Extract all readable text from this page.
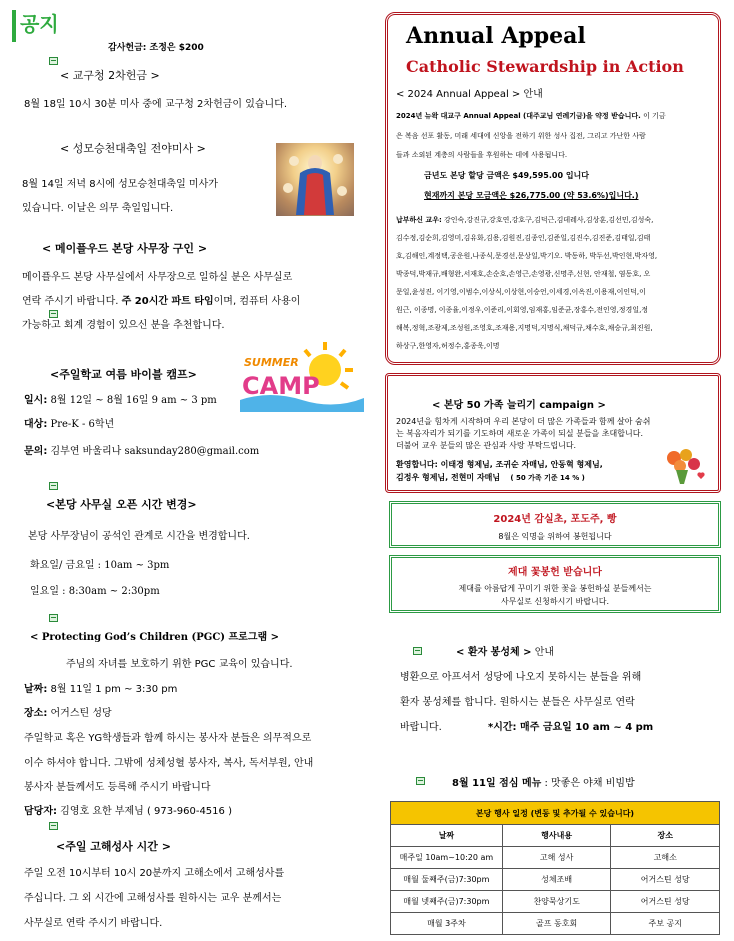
공지
감사헌금: 조정은 $200
< 교구청 2차헌금 >
8월 18일 10시 30분 미사 중에 교구청 2차헌금이 있습니다.
< 성모승천대축일 전야미사 >
8월 14일 저녁 8시에 성모승천대축일 미사가
있습니다. 이날은 의무 축일입니다.
< 메이플우드 본당 사무장 구인 >
메이플우드 본당 사무실에서 사무장으로 일하실 분은 사무실로
연락 주시기 바랍니다. 주 20시간 파트 타임이며, 컴퓨터 사용이
가능하고 회계 경험이 있으신 분을 추천합니다.
<주일학교 여름 바이블 캠프>
일시: 8월 12일 ~ 8월 16일 9 am ~ 3 pm
대상: Pre-K - 6학년
문의: 김부연 바울리나 saksunday280@gmail.com
SUMMER
CAMP
<본당 사무실 오픈 시간 변경>
본당 사무장님이 공석인 관계로 시간을 변경합니다.
화요일/ 금요일 : 10am ~ 3pm
일요일 : 8:30am ~ 2:30pm
< Protecting God’s Children (PGC) 프로그램 >
주님의 자녀를 보호하기 위한 PGC 교육이 있습니다.
날짜: 8월 11일 1 pm ~ 3:30 pm
장소: 어거스틴 성당
주일학교 혹은 YG학생들과 함께 하시는 봉사자 분들은 의무적으로
이수 하셔야 합니다. 그밖에 성체성혈 봉사자, 복사, 독서부원, 안내
봉사자 분들께서도 등록해 주시기 바랍니다
담당자: 김영호 요한 부제님 ( 973-960-4516 )
<주일 고해성사 시간 >
주일 오전 10시부터 10시 20분까지 고해소에서 고해성사를
주십니다. 그 외 시간에 고해성사를 원하시는 교우 분께서는
사무실로 연락 주시기 바랍니다.
Annual Appeal
Catholic Stewardship in Action
< 2024 Annual Appeal > 안내
2024년 뉴왁 대교구 Annual Appeal (대주교님 연례기금)을 약정 받습니다. 이 기금
은 복음 선포 활동, 미래 세대에 신앙을 전하기 위한 성사 집전, 그리고 가난한 사람
들과 소외된 계층의 사람들을 후원하는 데에 사용됩니다.
금년도 본당 할당 금액은 $49,595.00 입니다
현재까지 본당 모금액은 $26,775.00 (약 53.6%)입니다.)
납부하신 교우: 강인숙,강진규,강호연,강호구,김덕근,김데레사,김상훈,김선민,김성숙,
김수정,김순희,김영미,김유화,김용,김원진,김종인,김준일,김진수,김진준,김태일,김태
호,김해인,계정택,공운원,나종식,문경선,문상일,박기오. 박동하, 박두선,박인현,박자영,
박종덕,박재규,배형완,서재호,손순호,손영근,손영광,신명주,신현, 안재철, 염동호, 오
문일,윤성진, 이기영,이범수,이상식,이상현,이승언,이세경,이옥진,이용재,이인덕,이
원근, 이종명, 이종율,이정우,이준리,이회영,임재홍,임준균,장홍수,전인영,정경일,정
해복,정혁,조광제,조성원,조영호,조재용,지명덕,지명식,채덕규,채수호,채승규,최진원,
하상구,한영자,허정수,홍종욱,이명
< 본당 50 가족 늘리기 campaign >
2024년을 힘차게 시작하며 우리 본당이 더 많은 가족들과 함께 살아 숨쉬
는 복음자리가 되기를 기도하며 새로운 가족이 되실 분들을 초대합니다.
더불어 교우 분들의 많은 관심과 사랑 부탁드립니다.
환영합니다: 이태경 형제님, 조귀순 자매님, 안동혁 형제님,
김정우 형제님, 전현미 자매님 ( 50 가족 기준 14 % )
2024년 감실초, 포도주, 빵
8월은 익명을 위하여 봉헌됩니다
제대 꽃봉헌 받습니다
제대를 아름답게 꾸미기 위한 꽃을 봉헌하실 분들께서는
사무실로 신청하시기 바랍니다.
< 환자 봉성체 > 안내
병환으로 아프셔서 성당에 나오지 못하시는 분들을 위해
환자 봉성체를 합니다. 원하시는 분들은 사무실로 연락
바랍니다.	*시간: 매주 금요일 10 am ~ 4 pm
8월 11일 점심 메뉴 : 맛좋은 야채 비빔밥
본당 행사 일정 (변동 및 추가될 수 있습니다)		
날짜	행사내용	장소
매주일 10am~10:20 am	고해 성사	고해소
매월 둘째주(금)7:30pm	성체조배	어거스틴 성당
매월 넷째주(금)7:30pm	찬양묵상기도	어거스틴 성당
매월 3주차	골프 동호회	주보 공지
